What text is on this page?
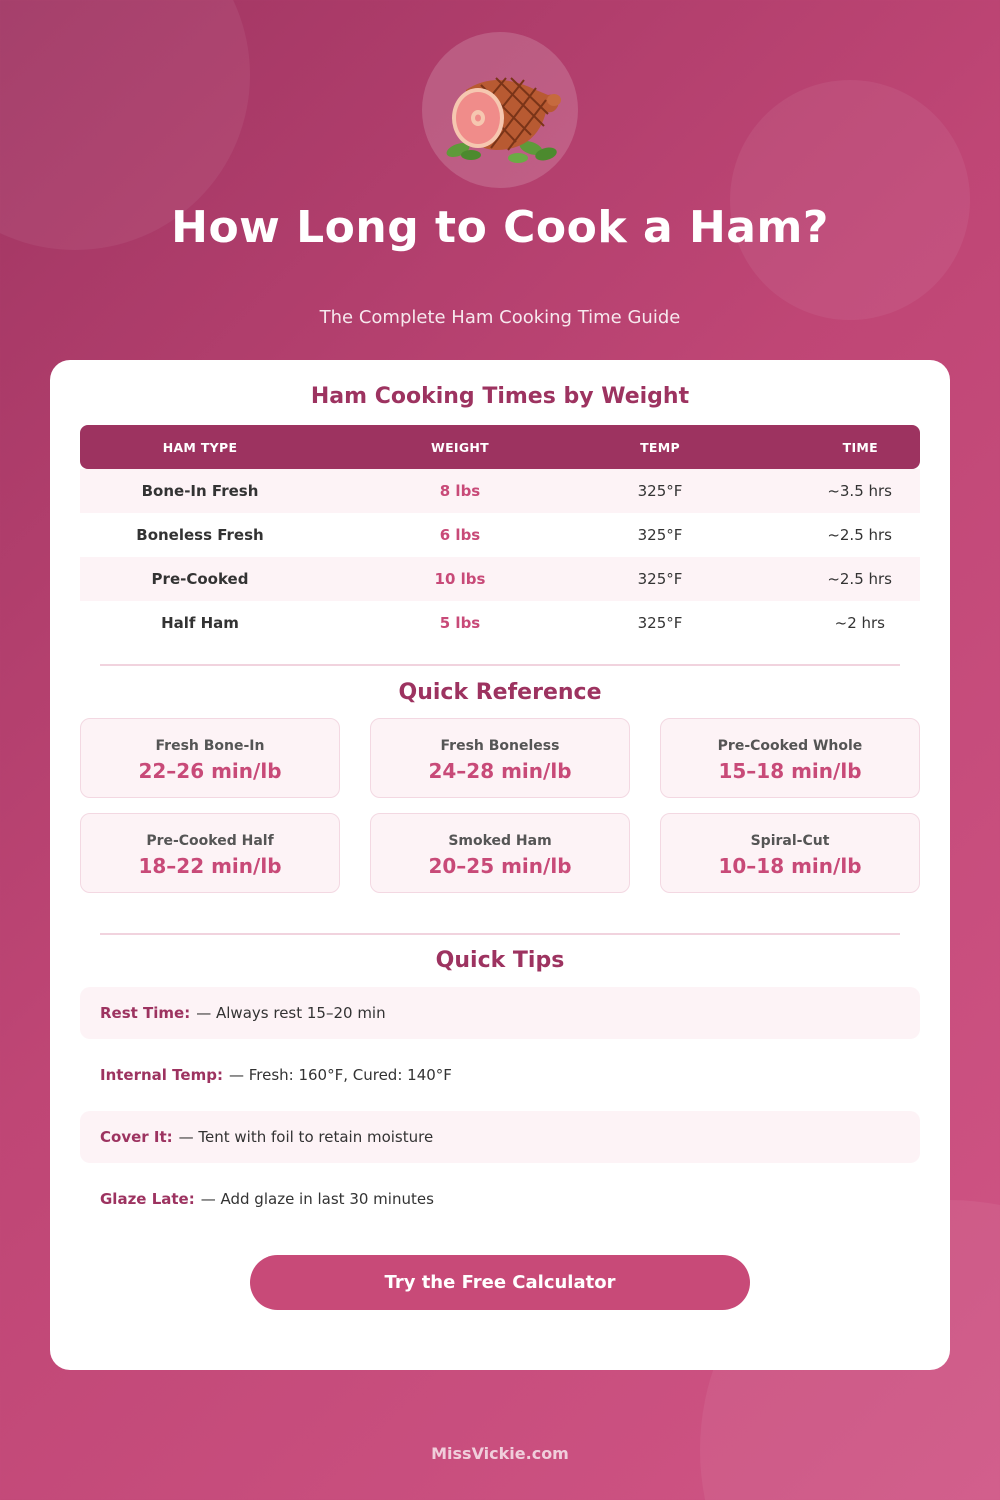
How Long to Cook a Ham?
The Complete Ham Cooking Time Guide
Ham Cooking Times by Weight
HAM TYPE	WEIGHT	TEMP	TIME
Bone-In Fresh	8 lbs	325°F	~3.5 hrs
Boneless Fresh	6 lbs	325°F	~2.5 hrs
Pre-Cooked	10 lbs	325°F	~2.5 hrs
Half Ham	5 lbs	325°F	~2 hrs
Quick Reference
Fresh Bone-In
22–26 min/lb
Fresh Boneless
24–28 min/lb
Pre-Cooked Whole
15–18 min/lb
Pre-Cooked Half
18–22 min/lb
Smoked Ham
20–25 min/lb
Spiral-Cut
10–18 min/lb
Quick Tips
Rest Time: — Always rest 15–20 min
Internal Temp: — Fresh: 160°F, Cured: 140°F
Cover It: — Tent with foil to retain moisture
Glaze Late: — Add glaze in last 30 minutes
Try the Free Calculator
MissVickie.com
